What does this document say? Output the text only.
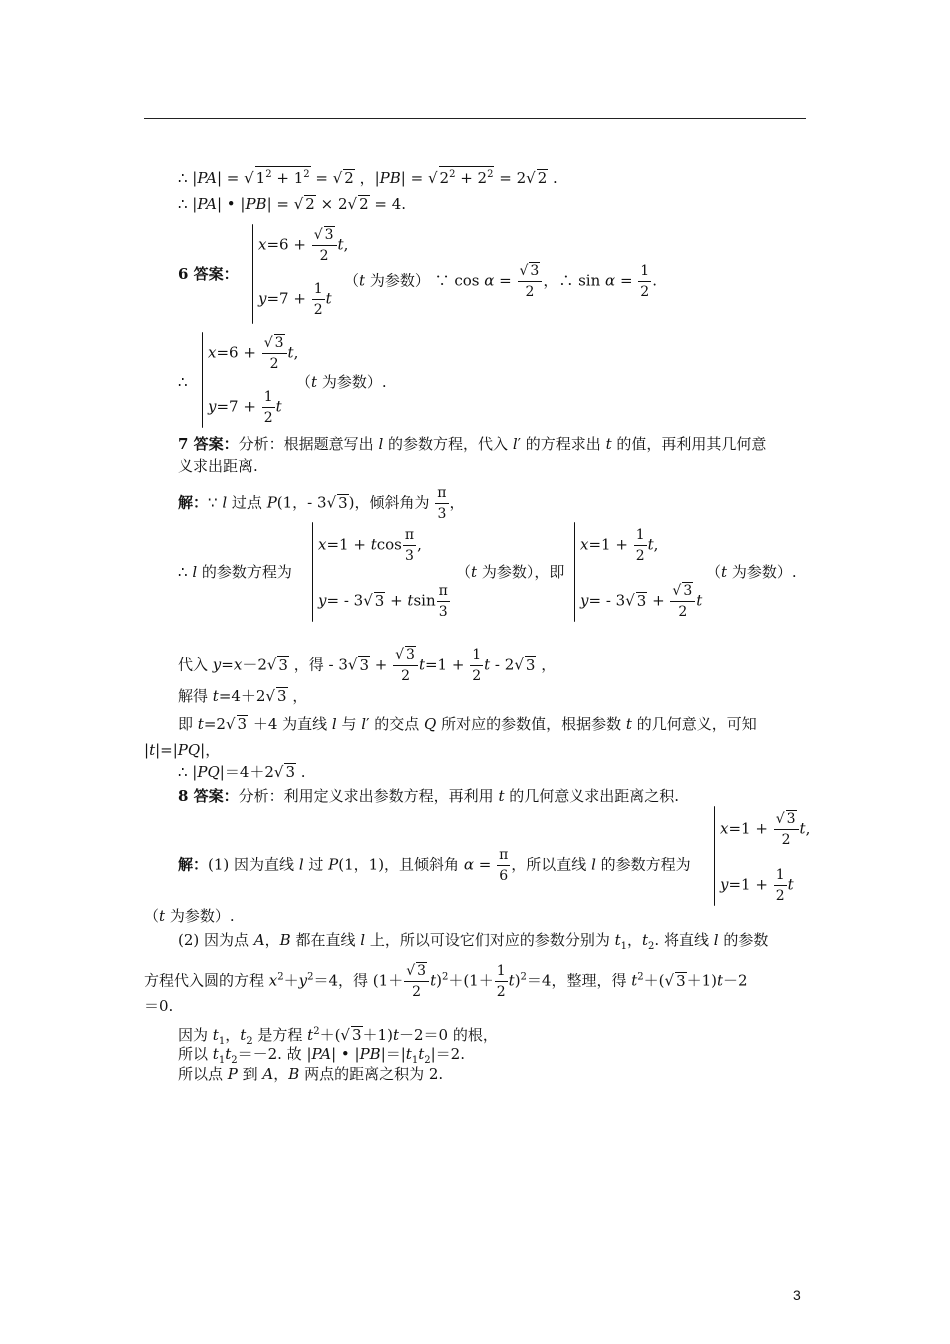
∴ |PA| = √ $1^2 + 1^2$ = √ 2 ，|PB| = √ $2^2 + 2^2 = 2√$ 2 .
∴ |PA| • |PB| = √ 2 × 2√ 2 = 4.
6 答案：
$x=6 + \frac{√ 3}{2} t$,
$y=7 + \frac{1}{2}$ t
（t 为参数） ∵ $\cos \alpha = \frac{√ 3}{2}$ ，∴ $\sin \alpha = \frac{1}{2}$ .
∴
$x=6 + \frac{√ 3}{2} t$,
$y=7 + \frac{1}{2}$ t
（t 为参数）.
7 答案：分析：根据题意写出 l 的参数方程，代入 l′ 的方程求出 t 的值，再利用其几何意
义求出距离.
解：∵ l 过点 P(1，- 3√ 3)，倾斜角为 $\frac{\pi}{3}$ ，
∴ l 的参数方程为
x=1 + tcos $\frac{\pi}{3}$ ,
y= - 3√ 3 + tsin $\frac{\pi}{3}$
（t 为参数），即
$x=1 + \frac{1}{2} t$,
y= - 3√ $3 + \frac{√ 3}{2}$ t
（t 为参数）.
代入 y=x－2√ 3 ，得 - 3√ $3 + \frac{√ 3}{2} t=1 + \frac{1}{2}$ t - 2√ 3 ，
解得 t=4＋2√ 3 ，
即 t=2√ 3 ＋4 为直线 l 与 l′ 的交点 Q 所对应的参数值，根据参数 t 的几何意义，可知
|t|=|PQ|，
∴ |PQ|＝4＋2√ 3 .
8 答案：分析：利用定义求出参数方程，再利用 t 的几何意义求出距离之积.
解：(1) 因为直线 l 过 P(1，1)，且倾斜角 $\alpha = \frac{\pi}{6}$ ，所以直线 l 的参数方程为
$x=1 + \frac{√ 3}{2} t$,
$y=1 + \frac{1}{2}$ t
（t 为参数）.
(2) 因为点 A，B 都在直线 l 上，所以可设它们对应的参数分别为 $t_1$，$t_2$. 将直线 l 的参数
方程代入圆的方程 $x^2+y^2=4$，得 $(1+ \frac{√ 3}{2} t)^2+(1+ \frac{1}{2} t)^2=4$，整理，得 $t^2+(√$ 3＋1)t－2
＝0.
因为 $t_1$，$t_2$ 是方程 $t^2+(√$ 3＋1)t－2＝0 的根，
所以 $t_1t_2=-2$. 故 |PA| • $|PB|=|t_1t_2|=2$.
所以点 P 到 A，B 两点的距离之积为 2.
3
